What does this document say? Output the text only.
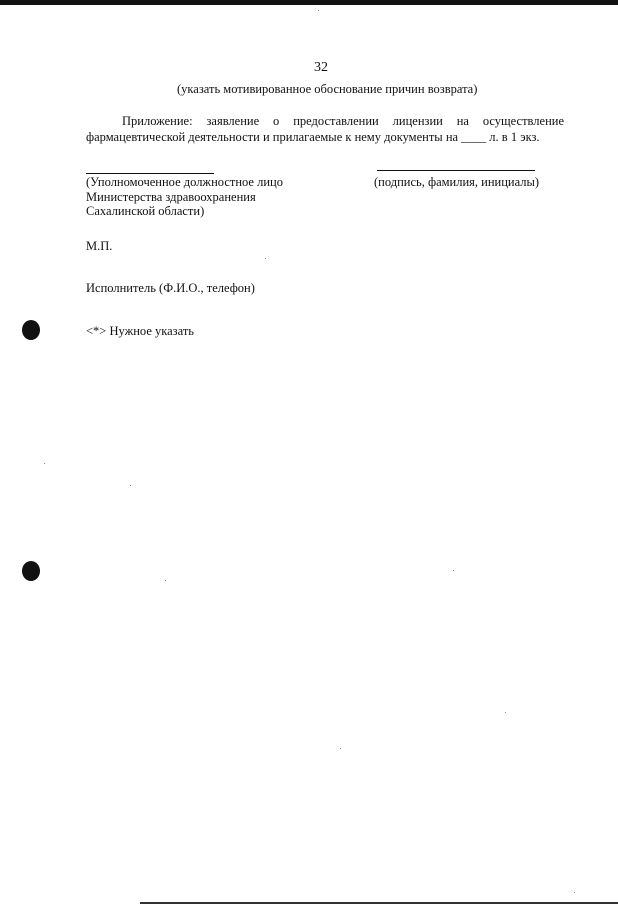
32

(указать мотивированное обоснование причин возврата)

Приложение: заявление о предоставлении лицензии на осуществление фармацевтической деятельности и прилагаемые к нему документы на ____ л. в 1 экз.

(Уполномоченное должностное лицо
Министерства здравоохранения
Сахалинской области)

(подпись, фамилия, инициалы)

М.П.

Исполнитель (Ф.И.О., телефон)

<*> Нужное указать
